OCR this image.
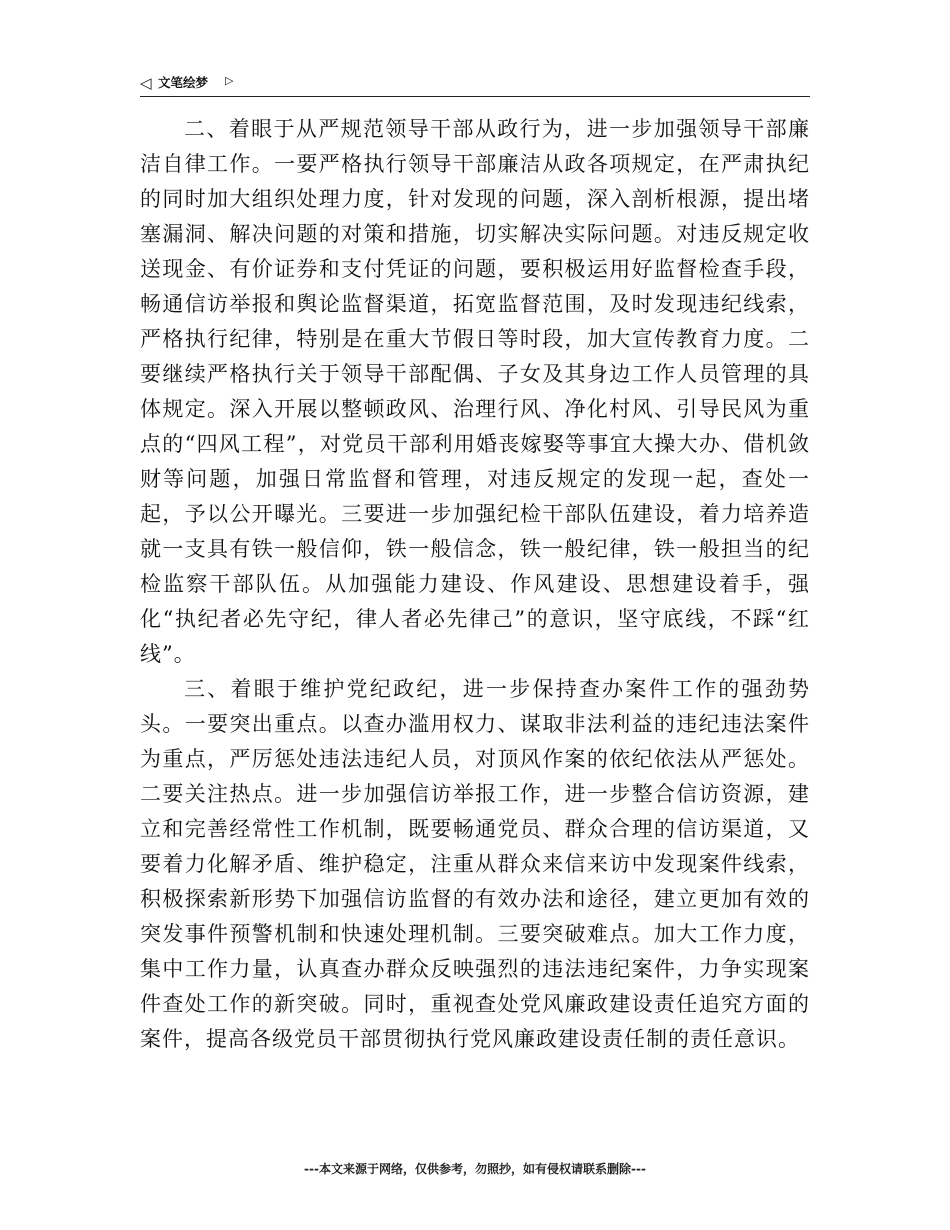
◁ 文笔绘梦 ▷

二、着眼于从严规范领导干部从政行为，进一步加强领导干部廉洁自律工作。一要严格执行领导干部廉洁从政各项规定，在严肃执纪的同时加大组织处理力度，针对发现的问题，深入剖析根源，提出堵塞漏洞、解决问题的对策和措施，切实解决实际问题。对违反规定收送现金、有价证券和支付凭证的问题，要积极运用好监督检查手段，畅通信访举报和舆论监督渠道，拓宽监督范围，及时发现违纪线索，严格执行纪律，特别是在重大节假日等时段，加大宣传教育力度。二要继续严格执行关于领导干部配偶、子女及其身边工作人员管理的具体规定。深入开展以整顿政风、治理行风、净化村风、引导民风为重点的“四风工程”，对党员干部利用婚丧嫁娶等事宜大操大办、借机敛财等问题，加强日常监督和管理，对违反规定的发现一起，查处一起，予以公开曝光。三要进一步加强纪检干部队伍建设，着力培养造就一支具有铁一般信仰，铁一般信念，铁一般纪律，铁一般担当的纪检监察干部队伍。从加强能力建设、作风建设、思想建设着手，强化“执纪者必先守纪，律人者必先律己”的意识，坚守底线，不踩“红线”。

三、着眼于维护党纪政纪，进一步保持查办案件工作的强劲势头。一要突出重点。以查办滥用权力、谋取非法利益的违纪违法案件为重点，严厉惩处违法违纪人员，对顶风作案的依纪依法从严惩处。二要关注热点。进一步加强信访举报工作，进一步整合信访资源，建立和完善经常性工作机制，既要畅通党员、群众合理的信访渠道，又要着力化解矛盾、维护稳定，注重从群众来信来访中发现案件线索，积极探索新形势下加强信访监督的有效办法和途径，建立更加有效的突发事件预警机制和快速处理机制。三要突破难点。加大工作力度，集中工作力量，认真查办群众反映强烈的违法违纪案件，力争实现案件查处工作的新突破。同时，重视查处党风廉政建设责任追究方面的案件，提高各级党员干部贯彻执行党风廉政建设责任制的责任意识。

---本文来源于网络，仅供参考，勿照抄，如有侵权请联系删除---
